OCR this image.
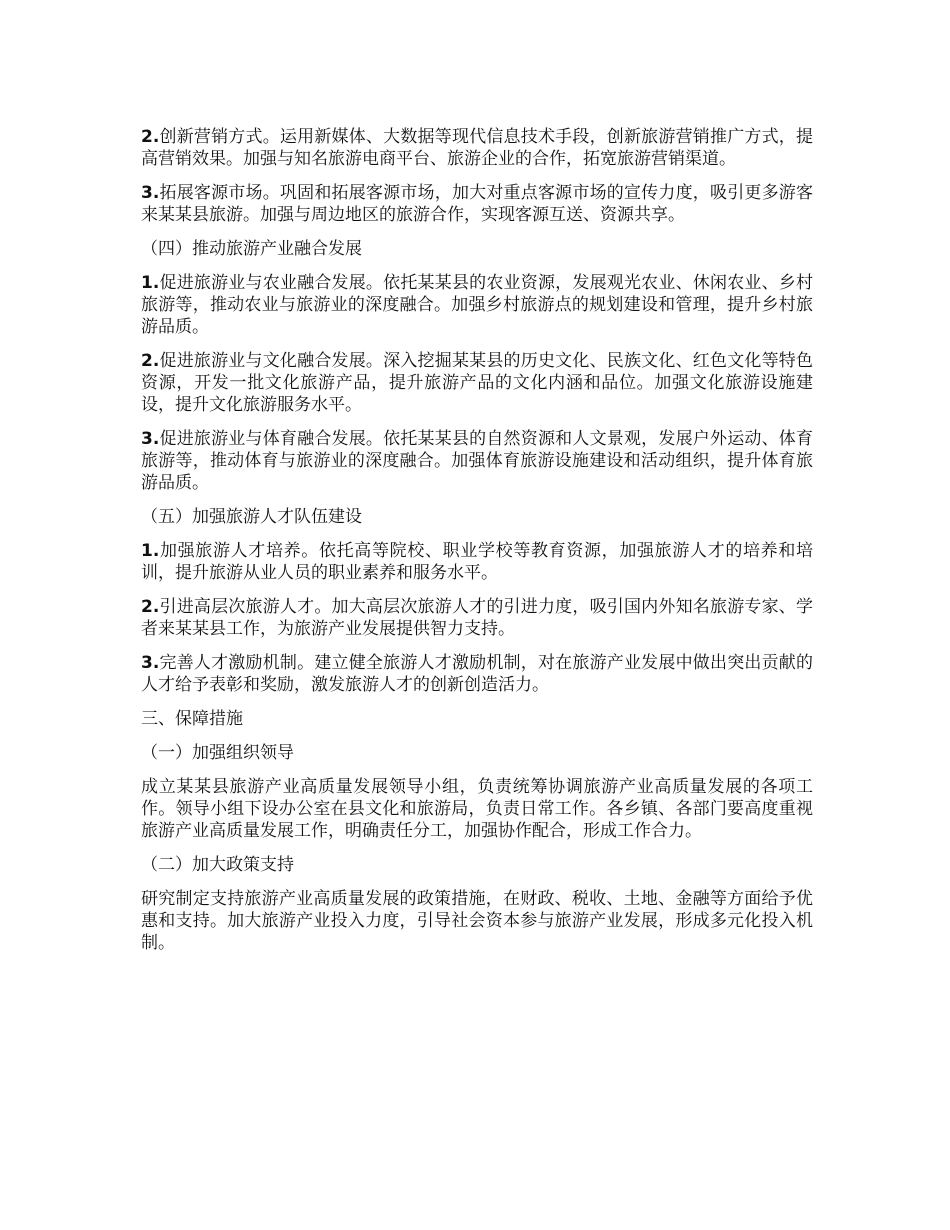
2.创新营销方式。运用新媒体、大数据等现代信息技术手段，创新旅游营销推广方式，提高营销效果。加强与知名旅游电商平台、旅游企业的合作，拓宽旅游营销渠道。

3.拓展客源市场。巩固和拓展客源市场，加大对重点客源市场的宣传力度，吸引更多游客来某某县旅游。加强与周边地区的旅游合作，实现客源互送、资源共享。

（四）推动旅游产业融合发展

1.促进旅游业与农业融合发展。依托某某县的农业资源，发展观光农业、休闲农业、乡村旅游等，推动农业与旅游业的深度融合。加强乡村旅游点的规划建设和管理，提升乡村旅游品质。

2.促进旅游业与文化融合发展。深入挖掘某某县的历史文化、民族文化、红色文化等特色资源，开发一批文化旅游产品，提升旅游产品的文化内涵和品位。加强文化旅游设施建设，提升文化旅游服务水平。

3.促进旅游业与体育融合发展。依托某某县的自然资源和人文景观，发展户外运动、体育旅游等，推动体育与旅游业的深度融合。加强体育旅游设施建设和活动组织，提升体育旅游品质。

（五）加强旅游人才队伍建设

1.加强旅游人才培养。依托高等院校、职业学校等教育资源，加强旅游人才的培养和培训，提升旅游从业人员的职业素养和服务水平。

2.引进高层次旅游人才。加大高层次旅游人才的引进力度，吸引国内外知名旅游专家、学者来某某县工作，为旅游产业发展提供智力支持。

3.完善人才激励机制。建立健全旅游人才激励机制，对在旅游产业发展中做出突出贡献的人才给予表彰和奖励，激发旅游人才的创新创造活力。

三、保障措施

（一）加强组织领导

成立某某县旅游产业高质量发展领导小组，负责统筹协调旅游产业高质量发展的各项工作。领导小组下设办公室在县文化和旅游局，负责日常工作。各乡镇、各部门要高度重视旅游产业高质量发展工作，明确责任分工，加强协作配合，形成工作合力。

（二）加大政策支持

研究制定支持旅游产业高质量发展的政策措施，在财政、税收、土地、金融等方面给予优惠和支持。加大旅游产业投入力度，引导社会资本参与旅游产业发展，形成多元化投入机制。
